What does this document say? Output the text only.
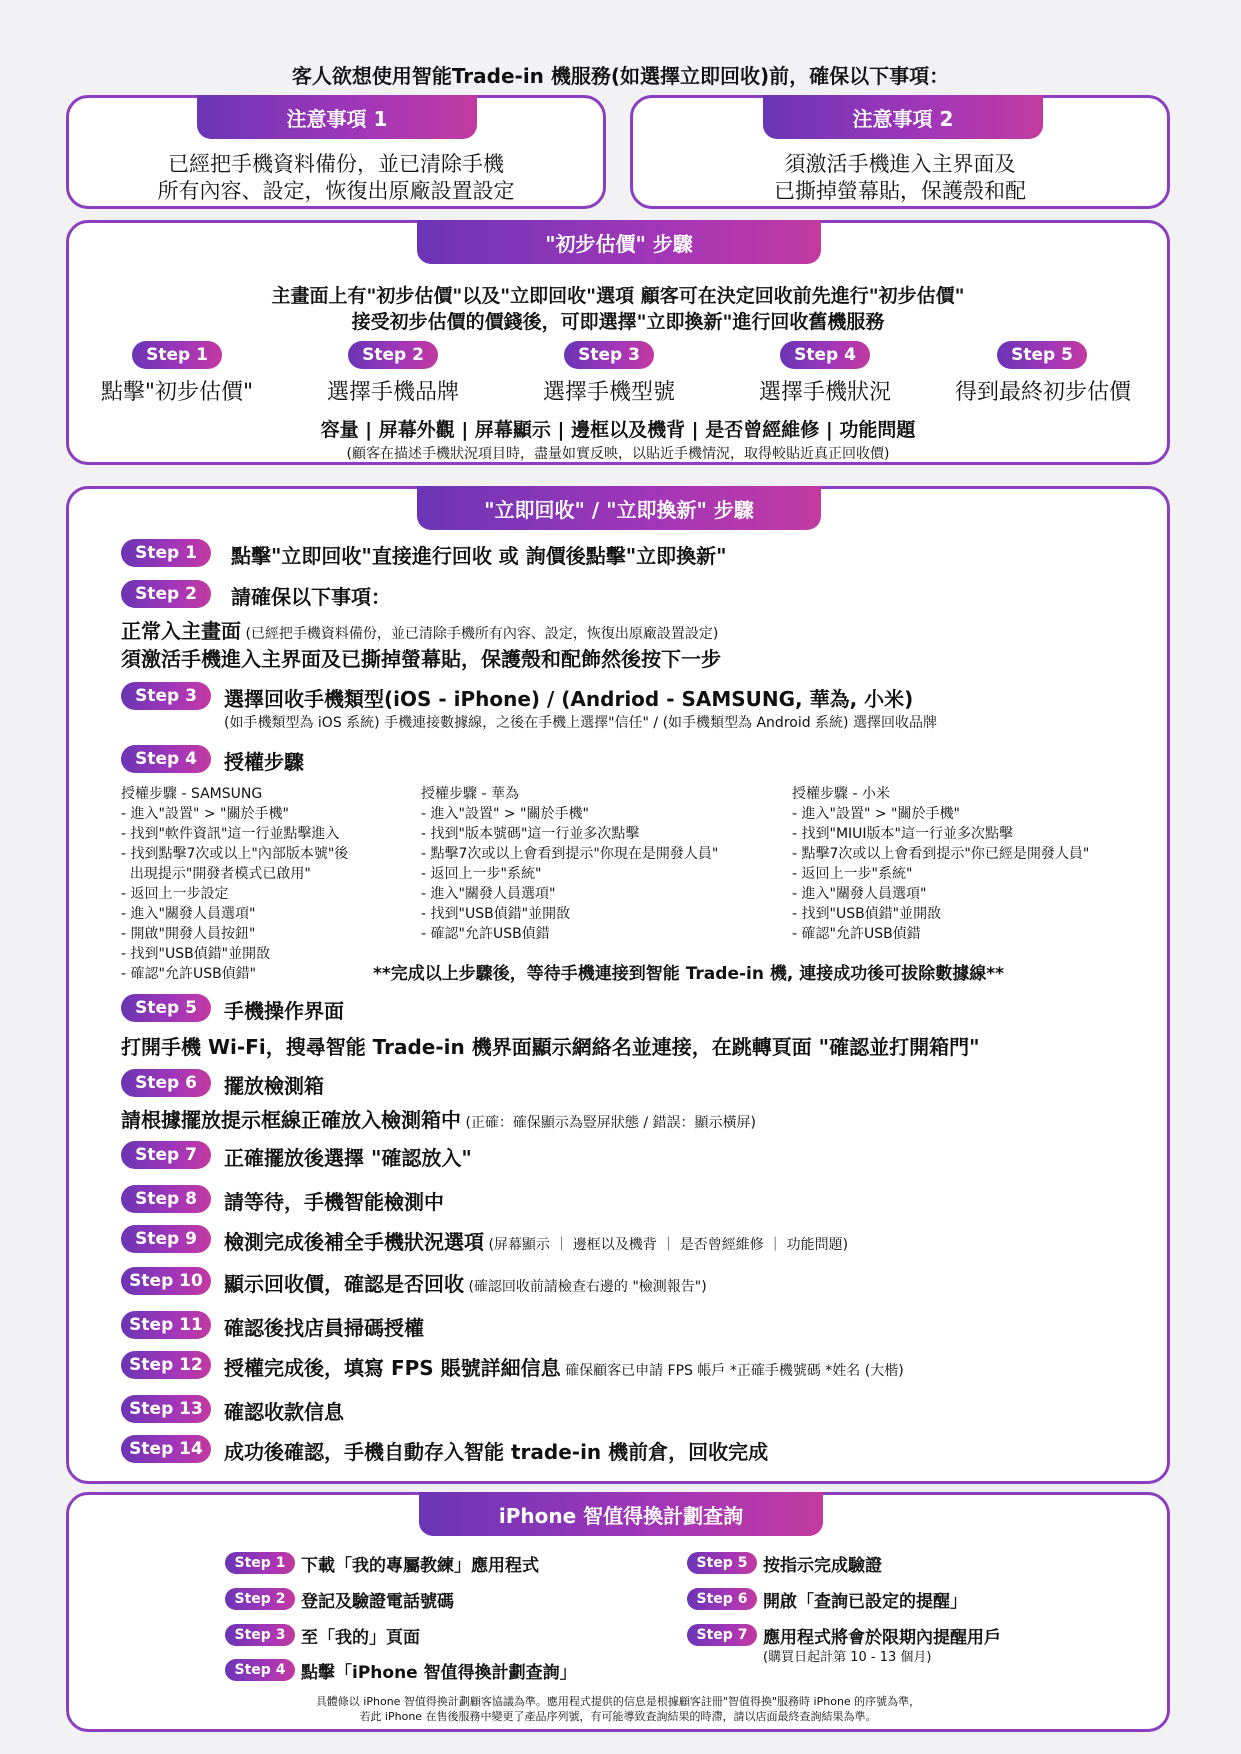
客人欲想使用智能Trade-in 機服務(如選擇立即回收)前，確保以下事項：
注意事項 1
已經把手機資料備份，並已清除手機
所有內容、設定，恢復出原廠設置設定
注意事項 2
須激活手機進入主界面及
已撕掉螢幕貼，保護殼和配
"初步估價" 步驟
主畫面上有"初步估價"以及"立即回收"選項 顧客可在決定回收前先進行"初步估價"
接受初步估價的價錢後，可即選擇"立即換新"進行回收舊機服務
Step 1
點擊"初步估價"
Step 2
選擇手機品牌
Step 3
選擇手機型號
Step 4
選擇手機狀況
Step 5
得到最終初步估價
容量 | 屏幕外觀 | 屏幕顯示 | 邊框以及機背 | 是否曾經維修 | 功能問題
(顧客在描述手機狀況項目時，盡量如實反映，以貼近手機情況，取得較貼近真正回收價)
"立即回收" / "立即換新" 步驟
Step 1	點擊"立即回收"直接進行回收 或 詢價後點擊"立即換新"
Step 2	請確保以下事項：
正常入主畫面 (已經把手機資料備份，並已清除手機所有內容、設定，恢復出原廠設置設定)
須激活手機進入主界面及已撕掉螢幕貼，保護殼和配飾然後按下一步
Step 3	選擇回收手機類型(iOS - iPhone) / (Andriod - SAMSUNG, 華為, 小米)
(如手機類型為 iOS 系統) 手機連接數據線，之後在手機上選擇"信任" / (如手機類型為 Android 系統) 選擇回收品牌
Step 4	授權步驟
授權步驟 - SAMSUNG
- 進入"設置" > "關於手機"
- 找到"軟件資訊"這一行並點擊進入
- 找到點擊7次或以上"內部版本號"後
出現提示"開發者模式已啟用"
- 返回上一步設定
- 進入"關發人員選項"
- 開啟"開發人員按鈕"
- 找到"USB偵錯"並開敔
- 確認"允許USB偵錯"
授權步驟 - 華為
- 進入"設置" > "關於手機"
- 找到"版本號碼"這一行並多次點擊
- 點擊7次或以上會看到提示"你現在是開發人員"
- 返回上一步"系統"
- 進入"關發人員選項"
- 找到"USB偵錯"並開敔
- 確認"允許USB偵錯
授權步驟 - 小米
- 進入"設置" > "關於手機"
- 找到"MIUI版本"這一行並多次點擊
- 點擊7次或以上會看到提示"你已經是開發人員"
- 返回上一步"系統"
- 進入"關發人員選項"
- 找到"USB偵錯"並開敔
- 確認"允許USB偵錯
**完成以上步驟後，等待手機連接到智能 Trade-in 機, 連接成功後可拔除數據線**
Step 5	手機操作界面
打開手機 Wi-Fi，搜尋智能 Trade-in 機界面顯示網絡名並連接，在跳轉頁面 "確認並打開箱門"
Step 6	擺放檢測箱
請根據擺放提示框線正確放入檢測箱中 (正確：確保顯示為豎屏狀態 / 錯誤：顯示橫屏)
Step 7	正確擺放後選擇 "確認放入"
Step 8	請等待，手機智能檢測中
Step 9	檢測完成後補全手機狀況選項 (屏幕顯示 ｜ 邊框以及機背 ｜ 是否曾經維修 ｜ 功能問題)
Step 10	顯示回收價，確認是否回收 (確認回收前請檢查右邊的 "檢測報告")
Step 11	確認後找店員掃碼授權
Step 12	授權完成後，填寫 FPS 賬號詳細信息 確保顧客已申請 FPS 帳戶 *正確手機號碼 *姓名 (大楷)
Step 13	確認收款信息
Step 14	成功後確認，手機自動存入智能 trade-in 機前倉，回收完成
iPhone 智值得換計劃查詢
Step 1 下載「我的專屬教練」應用程式
Step 2 登記及驗證電話號碼
Step 3 至「我的」頁面
Step 4 點擊「iPhone 智值得換計劃查詢」
Step 5 按指示完成驗證
Step 6 開啟「查詢已設定的提醒」
Step 7 應用程式將會於限期內提醒用戶
(購買日起計第 10 - 13 個月)
具體條以 iPhone 智值得換計劃顧客協議為準。應用程式提供的信息是根據顧客註冊"智值得換"服務時 iPhone 的序號為準，
若此 iPhone 在售後服務中變更了產品序列號，有可能導致查詢結果的時滯，請以店面最終查詢結果為準。
